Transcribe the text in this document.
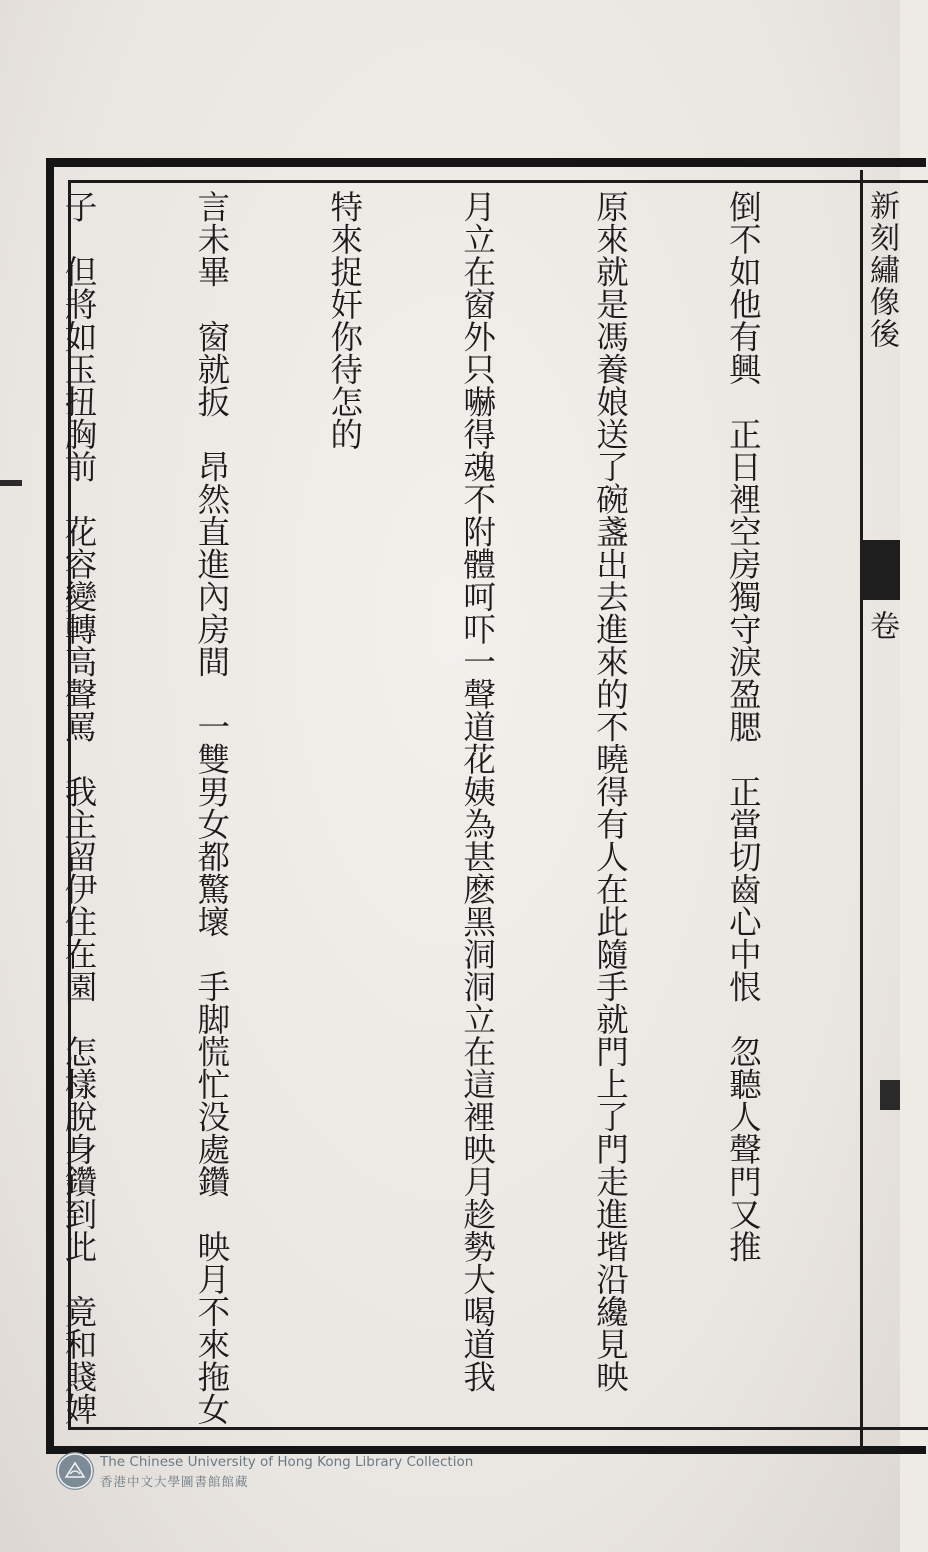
新刻繡像後
卷

倒不如他有興　正日裡空房獨守淚盈腮　正當切齒心中恨　忽聽人聲門又推

原來就是馮養娘送了碗盞出去進來的不曉得有人在此隨手就門上了門走進堦沿纔見映

月立在窗外只嚇得魂不附體呵吓一聲道花姨為甚麽黑洞洞立在這裡映月趁勢大喝道我

特來捉奸你待怎的

言未畢　窗就扳　昂然直進內房間　一雙男女都驚壞　手脚慌忙没處鑽　映月不來拖女

子　但將如玉扭胸前　花容變轉高聲罵　我主留伊住在園　怎樣脫身鑽到此　竟和賤婢

The Chinese University of Hong Kong Library Collection
香港中文大學圖書館館藏
